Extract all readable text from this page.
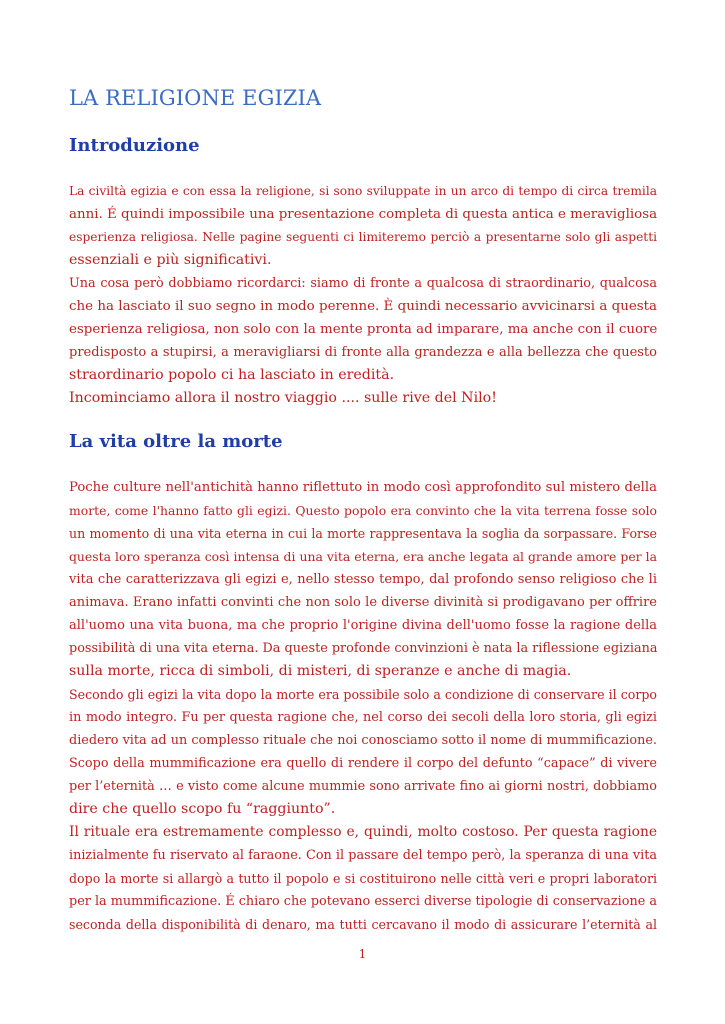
LA RELIGIONE EGIZIA
Introduzione
La civiltà egizia e con essa la religione, si sono sviluppate in un arco di tempo di circa tremila
anni. É quindi impossibile una presentazione completa di questa antica e meravigliosa
esperienza religiosa. Nelle pagine seguenti ci limiteremo perciò a presentarne solo gli aspetti
essenziali e più significativi.
Una cosa però dobbiamo ricordarci: siamo di fronte a qualcosa di straordinario, qualcosa
che ha lasciato il suo segno in modo perenne. È quindi necessario avvicinarsi a questa
esperienza religiosa, non solo con la mente pronta ad imparare, ma anche con il cuore
predisposto a stupirsi, a meravigliarsi di fronte alla grandezza e alla bellezza che questo
straordinario popolo ci ha lasciato in eredità.
Incominciamo allora il nostro viaggio .... sulle rive del Nilo!
La vita oltre la morte
Poche culture nell'antichità hanno riflettuto in modo così approfondito sul mistero della
morte, come l'hanno fatto gli egizi. Questo popolo era convinto che la vita terrena fosse solo
un momento di una vita eterna in cui la morte rappresentava la soglia da sorpassare. Forse
questa loro speranza così intensa di una vita eterna, era anche legata al grande amore per la
vita che caratterizzava gli egizi e, nello stesso tempo, dal profondo senso religioso che li
animava. Erano infatti convinti che non solo le diverse divinità si prodigavano per offrire
all'uomo una vita buona, ma che proprio l'origine divina dell'uomo fosse la ragione della
possibilità di una vita eterna. Da queste profonde convinzioni è nata la riflessione egiziana
sulla morte, ricca di simboli, di misteri, di speranze e anche di magia.
Secondo gli egizi la vita dopo la morte era possibile solo a condizione di conservare il corpo
in modo integro. Fu per questa ragione che, nel corso dei secoli della loro storia, gli egizi
diedero vita ad un complesso rituale che noi conosciamo sotto il nome di mummificazione.
Scopo della mummificazione era quello di rendere il corpo del defunto “capace” di vivere
per l’eternità … e visto come alcune mummie sono arrivate fino ai giorni nostri, dobbiamo
dire che quello scopo fu “raggiunto”.
Il rituale era estremamente complesso e, quindi, molto costoso. Per questa ragione
inizialmente fu riservato al faraone. Con il passare del tempo però, la speranza di una vita
dopo la morte si allargò a tutto il popolo e si costituirono nelle città veri e propri laboratori
per la mummificazione. É chiaro che potevano esserci diverse tipologie di conservazione a
seconda della disponibilità di denaro, ma tutti cercavano il modo di assicurare l’eternità al
1
